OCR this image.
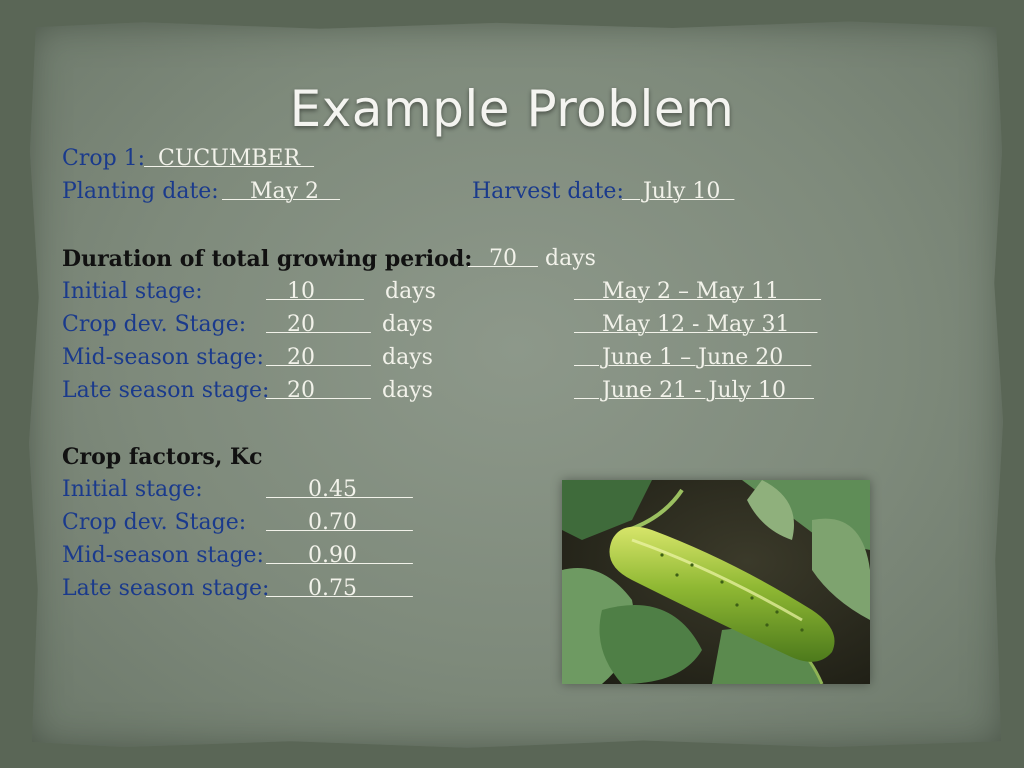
Example Problem
Crop 1:
CUCUMBER
Planting date: May 2	Harvest date:
July 10
Duration of total growing period:
70 days
Initial stage:	10 days	May 2 – May 11
Crop dev. Stage: 20 days	May 12 - May 31
Mid-season stage: 20 days	June 1 – June 20
Late season stage:
20 days	June 21 - July 10
Crop factors, Kc
Initial stage:	0.45
Crop dev. Stage: 0.70
Mid-season stage: 0.90
Late season stage:
0.75
